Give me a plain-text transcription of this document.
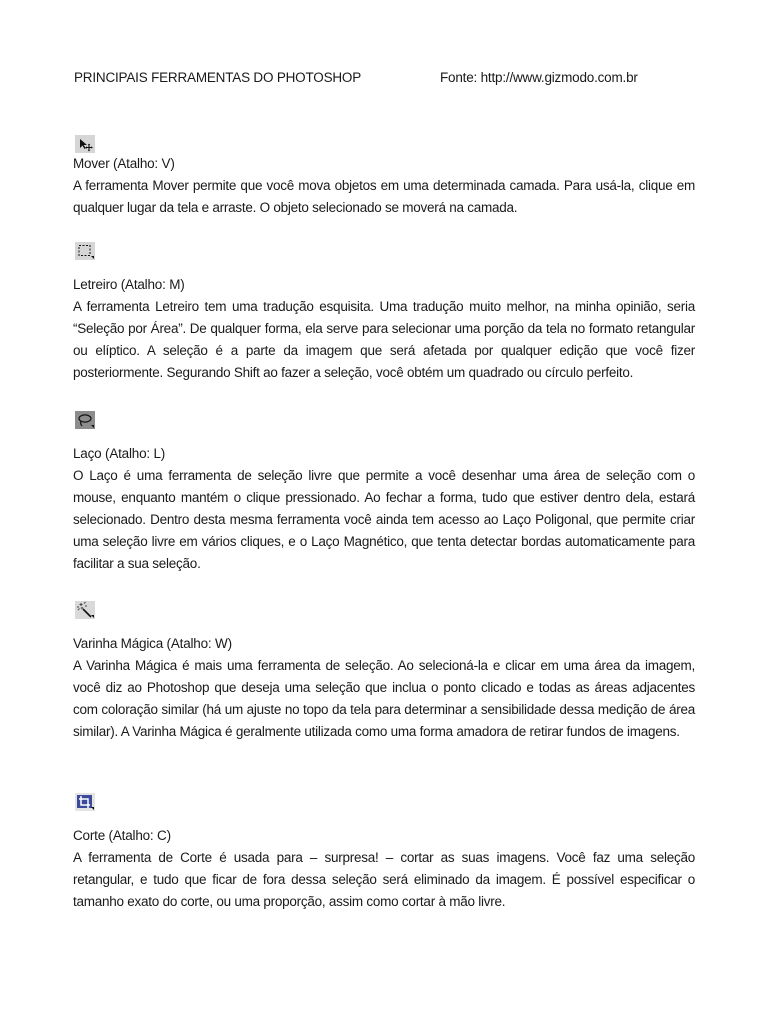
PRINCIPAIS FERRAMENTAS DO PHOTOSHOP	Fonte: http://www.gizmodo.com.br
Mover (Atalho: V)

A ferramenta Mover permite que você mova objetos em uma determinada camada. Para usá-la, clique em qualquer lugar da tela e arraste. O objeto selecionado se moverá na camada.

Letreiro (Atalho: M)

A ferramenta Letreiro tem uma tradução esquisita. Uma tradução muito melhor, na minha opinião, seria “Seleção por Área”. De qualquer forma, ela serve para selecionar uma porção da tela no formato retangular ou elíptico. A seleção é a parte da imagem que será afetada por qualquer edição que você fizer posteriormente. Segurando Shift ao fazer a seleção, você obtém um quadrado ou círculo perfeito.

Laço (Atalho: L)

O Laço é uma ferramenta de seleção livre que permite a você desenhar uma área de seleção com o mouse, enquanto mantém o clique pressionado. Ao fechar a forma, tudo que estiver dentro dela, estará selecionado. Dentro desta mesma ferramenta você ainda tem acesso ao Laço Poligonal, que permite criar uma seleção livre em vários cliques, e o Laço Magnético, que tenta detectar bordas automaticamente para facilitar a sua seleção.

Varinha Mágica (Atalho: W)

A Varinha Mágica é mais uma ferramenta de seleção. Ao selecioná-la e clicar em uma área da imagem, você diz ao Photoshop que deseja uma seleção que inclua o ponto clicado e todas as áreas adjacentes com coloração similar (há um ajuste no topo da tela para determinar a sensibilidade dessa medição de área similar). A Varinha Mágica é geralmente utilizada como uma forma amadora de retirar fundos de imagens.

Corte (Atalho: C)

A ferramenta de Corte é usada para – surpresa! – cortar as suas imagens. Você faz uma seleção retangular, e tudo que ficar de fora dessa seleção será eliminado da imagem. É possível especificar o tamanho exato do corte, ou uma proporção, assim como cortar à mão livre.
